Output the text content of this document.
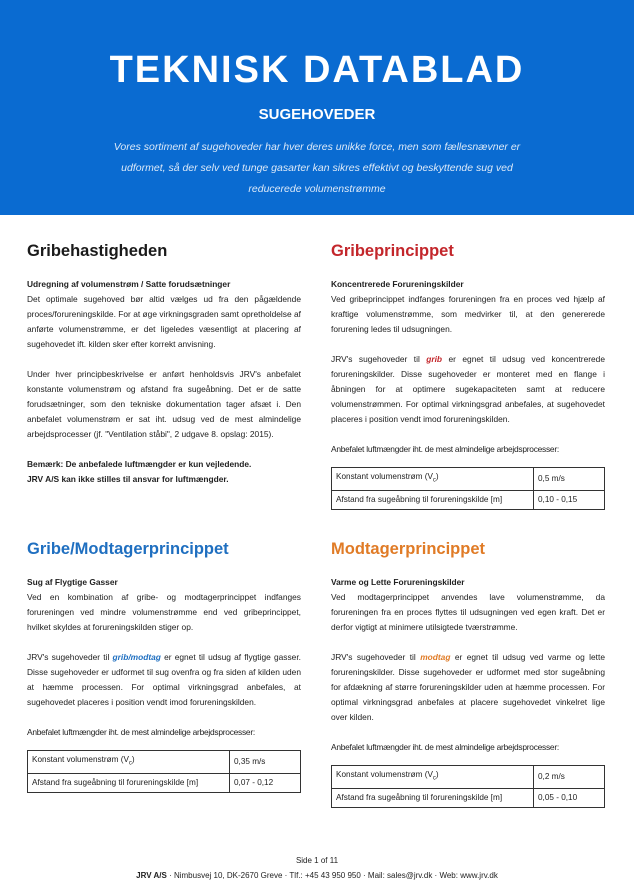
TEKNISK DATABLAD
SUGEHOVEDER
Vores sortiment af sugehoveder har hver deres unikke force, men som fællesnævner er udformet, så der selv ved tunge gasarter kan sikres effektivt og beskyttende sug ved reducerede volumenstrømme
Gribehastigheden

Udregning af volumenstrøm / Satte forudsætninger

Det optimale sugehoved bør altid vælges ud fra den pågældende proces/forureningskilde. For at øge virkningsgraden samt opretholdelse af anførte volumenstrømme, er det ligeledes væsentligt at placering af sugehovedet ift. kilden sker efter korrekt anvisning.

Under hver principbeskrivelse er anført henholdsvis JRV's anbefalet konstante volumenstrøm og afstand fra sugeåbning. Det er de satte forudsætninger, som den tekniske dokumentation tager afsæt i. Den anbefalet volumenstrøm er sat iht. udsug ved de mest almindelige arbejdsprocesser (jf. "Ventilation ståbi", 2 udgave 8. opslag: 2015).

Bemærk: De anbefalede luftmængder er kun vejledende.

JRV A/S kan ikke stilles til ansvar for luftmængder.

Gribeprincippet

Koncentrerede Forureningskilder

Ved gribeprincippet indfanges forureningen fra en proces ved hjælp af kraftige volumenstrømme, som medvirker til, at den genererede forurening ledes til udsugningen.

JRV's sugehoveder til grib er egnet til udsug ved koncentrerede forureningskilder. Disse sugehoveder er monteret med en flange i åbningen for at optimere sugekapaciteten samt at reducere volumenstrømmen. For optimal virkningsgrad anbefales, at sugehovedet placeres i position vendt imod forureningskilden.

Anbefalet luftmængder iht. de mest almindelige arbejdsprocesser:

Konstant volumenstrøm $(V_c)$	0,5 m/s
Afstand fra sugeåbning til forureningskilde [m]	0,10 - 0,15
Gribe/Modtagerprincippet

Sug af Flygtige Gasser

Ved en kombination af gribe- og modtagerprincippet indfanges forureningen ved mindre volumenstrømme end ved gribeprincippet, hvilket skyldes at forureningskilden stiger op.

JRV's sugehoveder til grib/modtag er egnet til udsug af flygtige gasser. Disse sugehoveder er udformet til sug ovenfra og fra siden af kilden uden at hæmme processen. For optimal virkningsgrad anbefales, at sugehovedet placeres i position vendt imod forureningskilden.

Anbefalet luftmængder iht. de mest almindelige arbejdsprocesser:

Konstant volumenstrøm $(V_c)$	0,35 m/s
Afstand fra sugeåbning til forureningskilde [m]	0,07 - 0,12
Modtagerprincippet

Varme og Lette Forureningskilder

Ved modtagerprincippet anvendes lave volumenstrømme, da forureningen fra en proces flyttes til udsugningen ved egen kraft. Det er derfor vigtigt at minimere utilsigtede tværstrømme.

JRV's sugehoveder til modtag er egnet til udsug ved varme og lette forureningskilder. Disse sugehoveder er udformet med stor sugeåbning for afdækning af større forureningskilder uden at hæmme processen. For optimal virkningsgrad anbefales at placere sugehovedet vinkelret lige over kilden.

Anbefalet luftmængder iht. de mest almindelige arbejdsprocesser:

Konstant volumenstrøm $(V_c)$	0,2 m/s
Afstand fra sugeåbning til forureningskilde [m]	0,05 - 0,10
Side 1 of 11
JRV A/S · Nimbusvej 10, DK-2670 Greve · Tlf.: +45 43 950 950 · Mail: sales@jrv.dk · Web: www.jrv.dk
